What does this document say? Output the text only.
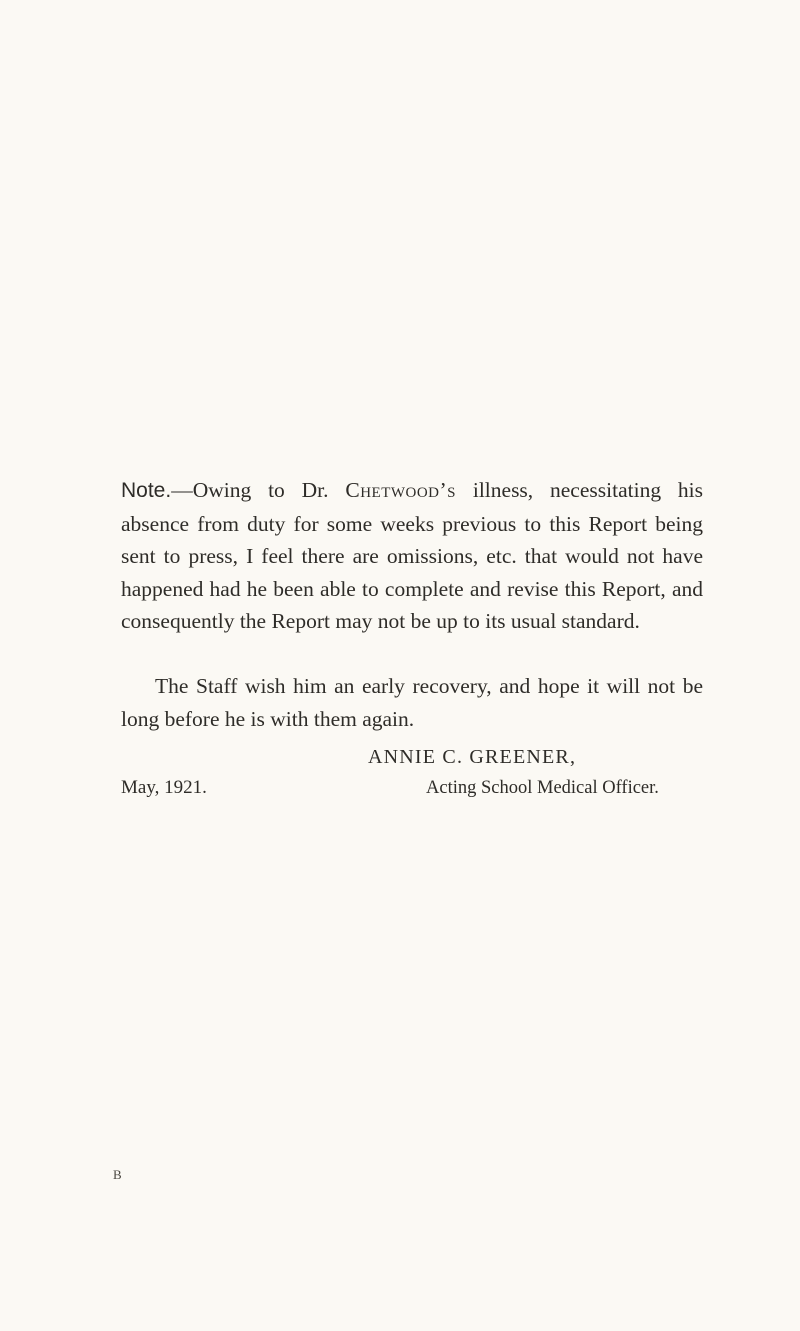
Note.—Owing to Dr. Chetwood’s illness, necessitating his absence from duty for some weeks previous to this Report being sent to press, I feel there are omissions, etc. that would not have happened had he been able to complete and revise this Report, and consequently the Report may not be up to its usual standard.

The Staff wish him an early recovery, and hope it will not be long before he is with them again.

ANNIE C. GREENER,
May, 1921.	Acting School Medical Officer.
B
